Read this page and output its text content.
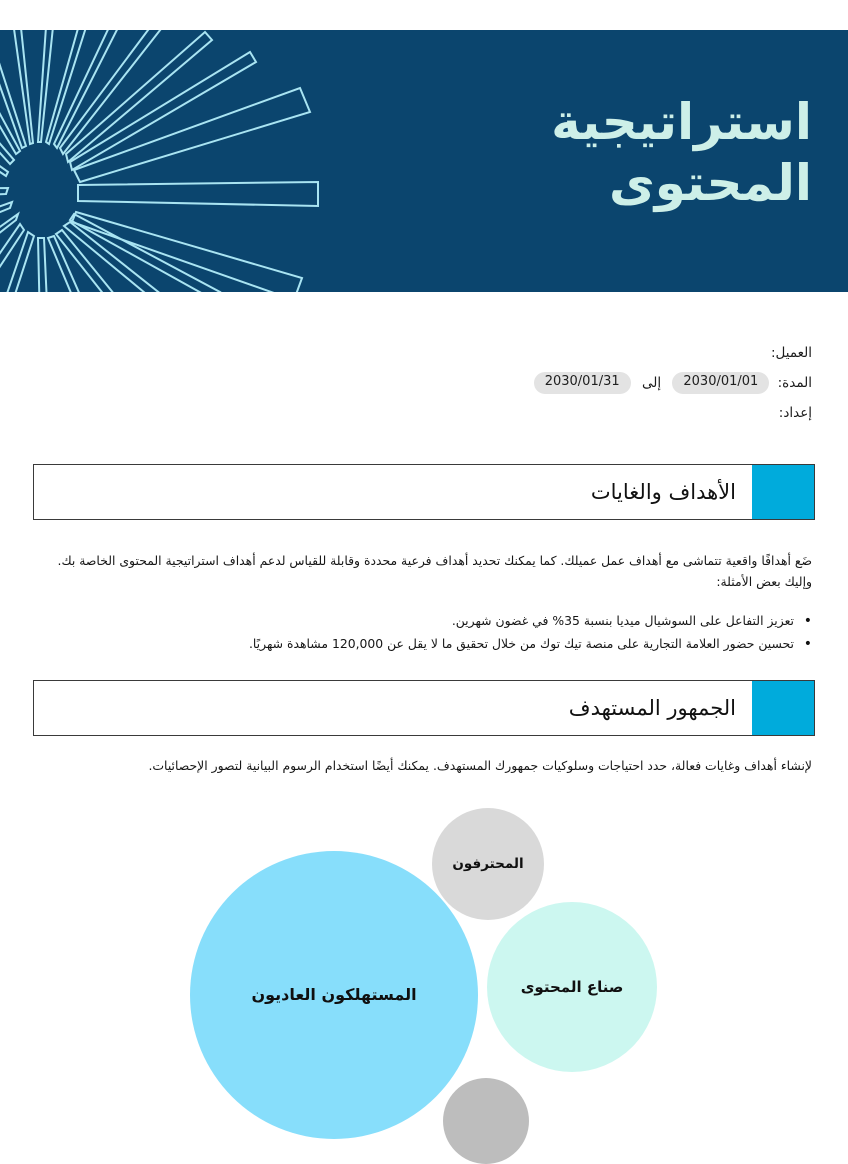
استراتيجية
المحتوى
العميل:
المدة: 2030/01/01 إلى 2030/01/31
إعداد:
الأهداف والغايات
ضَع أهدافًا واقعية تتماشى مع أهداف عمل عميلك. كما يمكنك تحديد أهداف فرعية محددة وقابلة للقياس لدعم أهداف استراتيجية المحتوى الخاصة بك. وإليك بعض الأمثلة:
• تعزيز التفاعل على السوشيال ميديا بنسبة 35% في غضون شهرين.
• تحسين حضور العلامة التجارية على منصة تيك توك من خلال تحقيق ما لا يقل عن 120,000 مشاهدة شهريًا.
الجمهور المستهدف
لإنشاء أهداف وغايات فعالة، حدد احتياجات وسلوكيات جمهورك المستهدف. يمكنك أيضًا استخدام الرسوم البيانية لتصور الإحصائيات.
المحترفون
صناع المحتوى
المستهلكون العاديون
